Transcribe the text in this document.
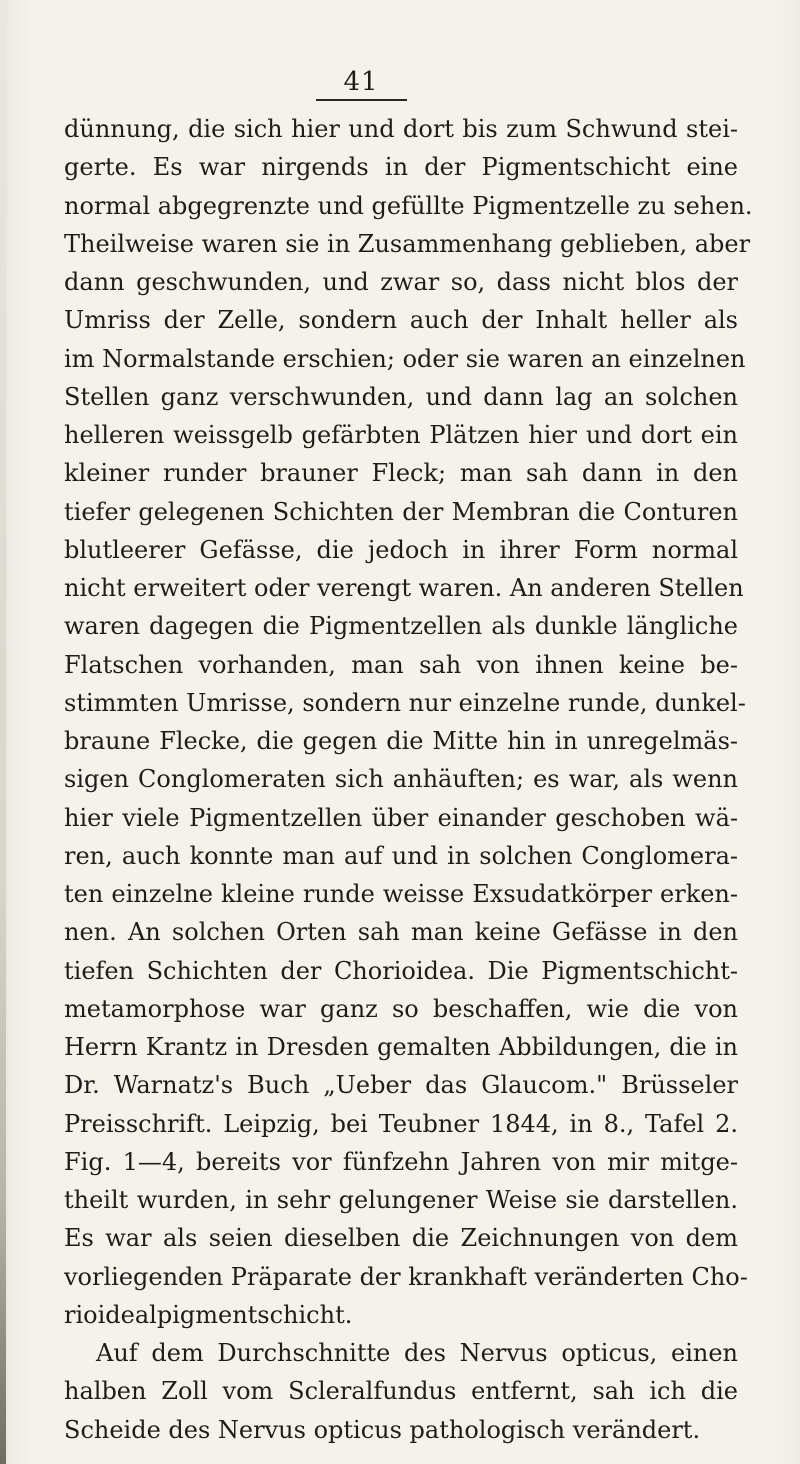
41
dünnung, die sich hier und dort bis zum Schwund stei-
gerte. Es war nirgends in der Pigmentschicht eine
normal abgegrenzte und gefüllte Pigmentzelle zu sehen.
Theilweise waren sie in Zusammenhang geblieben, aber
dann geschwunden, und zwar so, dass nicht blos der
Umriss der Zelle, sondern auch der Inhalt heller als
im Normalstande erschien; oder sie waren an einzelnen
Stellen ganz verschwunden, und dann lag an solchen
helleren weissgelb gefärbten Plätzen hier und dort ein
kleiner runder brauner Fleck; man sah dann in den
tiefer gelegenen Schichten der Membran die Conturen
blutleerer Gefässe, die jedoch in ihrer Form normal
nicht erweitert oder verengt waren. An anderen Stellen
waren dagegen die Pigmentzellen als dunkle längliche
Flatschen vorhanden, man sah von ihnen keine be-
stimmten Umrisse, sondern nur einzelne runde, dunkel-
braune Flecke, die gegen die Mitte hin in unregelmäs-
sigen Conglomeraten sich anhäuften; es war, als wenn
hier viele Pigmentzellen über einander geschoben wä-
ren, auch konnte man auf und in solchen Conglomera-
ten einzelne kleine runde weisse Exsudatkörper erken-
nen. An solchen Orten sah man keine Gefässe in den
tiefen Schichten der Chorioidea. Die Pigmentschicht-
metamorphose war ganz so beschaffen, wie die von
Herrn Krantz in Dresden gemalten Abbildungen, die in
Dr. Warnatz's Buch „Ueber das Glaucom." Brüsseler
Preisschrift. Leipzig, bei Teubner 1844, in 8., Tafel 2.
Fig. 1—4, bereits vor fünfzehn Jahren von mir mitge-
theilt wurden, in sehr gelungener Weise sie darstellen.
Es war als seien dieselben die Zeichnungen von dem
vorliegenden Präparate der krankhaft veränderten Cho-
rioidealpigmentschicht.
Auf dem Durchschnitte des Nervus opticus, einen
halben Zoll vom Scleralfundus entfernt, sah ich die
Scheide des Nervus opticus pathologisch verändert.
